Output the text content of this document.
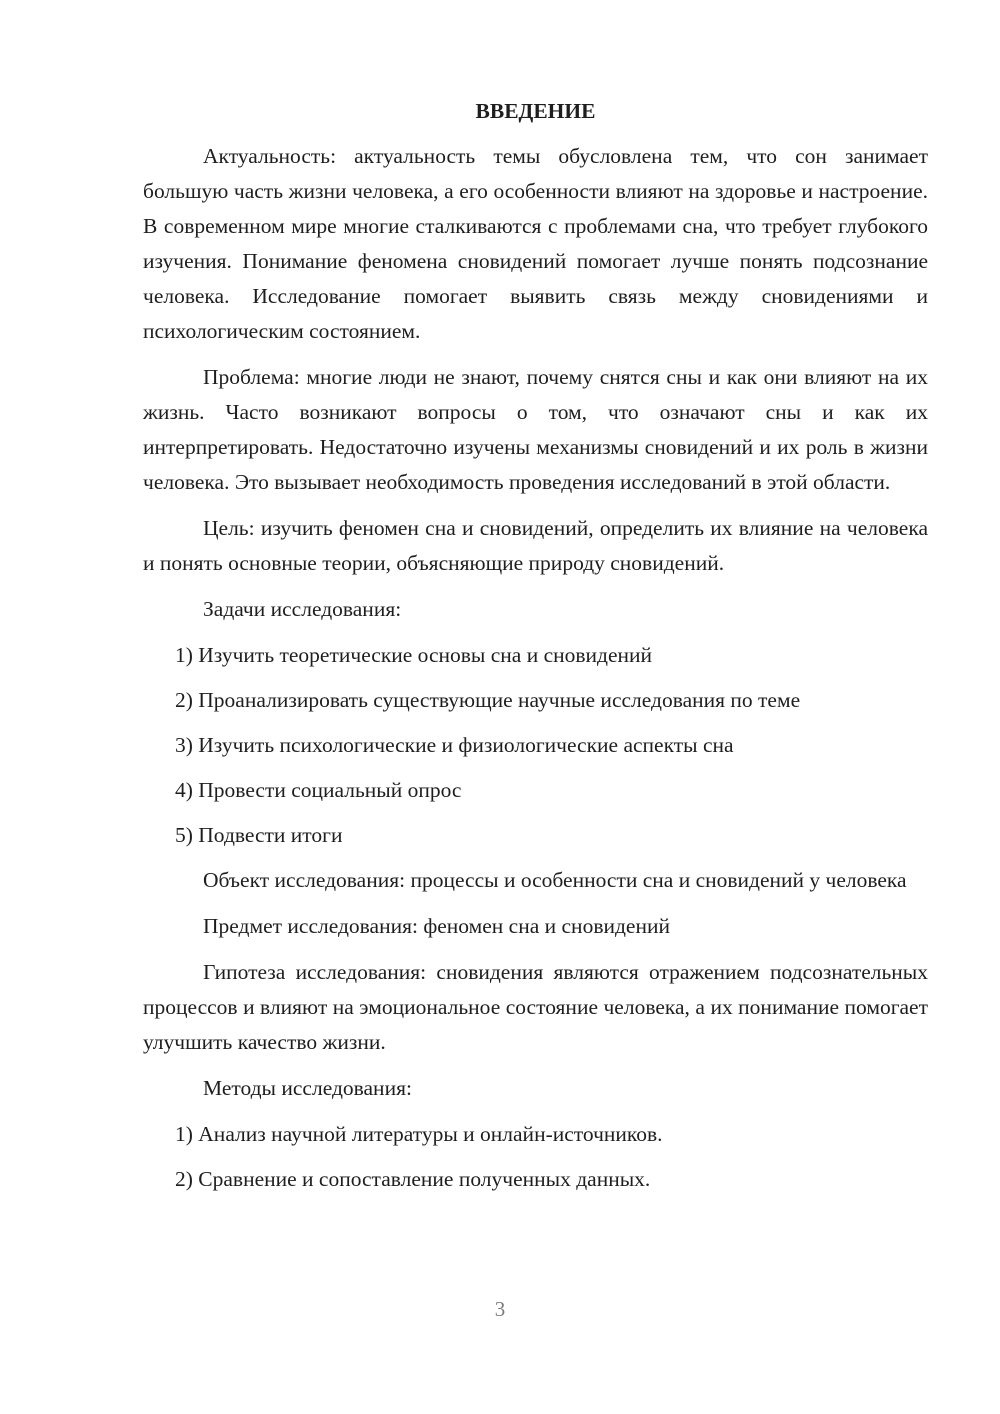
ВВЕДЕНИЕ

Актуальность: актуальность темы обусловлена тем, что сон занимает большую часть жизни человека, а его особенности влияют на здоровье и настроение. В современном мире многие сталкиваются с проблемами сна, что требует глубокого изучения. Понимание феномена сновидений помогает лучше понять подсознание человека. Исследование помогает выявить связь между сновидениями и психологическим состоянием.

Проблема: многие люди не знают, почему снятся сны и как они влияют на их жизнь. Часто возникают вопросы о том, что означают сны и как их интерпретировать. Недостаточно изучены механизмы сновидений и их роль в жизни человека. Это вызывает необходимость проведения исследований в этой области.

Цель: изучить феномен сна и сновидений, определить их влияние на человека и понять основные теории, объясняющие природу сновидений.

Задачи исследования:

1) Изучить теоретические основы сна и сновидений

2) Проанализировать существующие научные исследования по теме

3) Изучить психологические и физиологические аспекты сна

4) Провести социальный опрос

5) Подвести итоги

Объект исследования: процессы и особенности сна и сновидений у человека

Предмет исследования: феномен сна и сновидений

Гипотеза исследования: сновидения являются отражением подсознательных процессов и влияют на эмоциональное состояние человека, а их понимание помогает улучшить качество жизни.

Методы исследования:

1) Анализ научной литературы и онлайн-источников.

2) Сравнение и сопоставление полученных данных.

3
